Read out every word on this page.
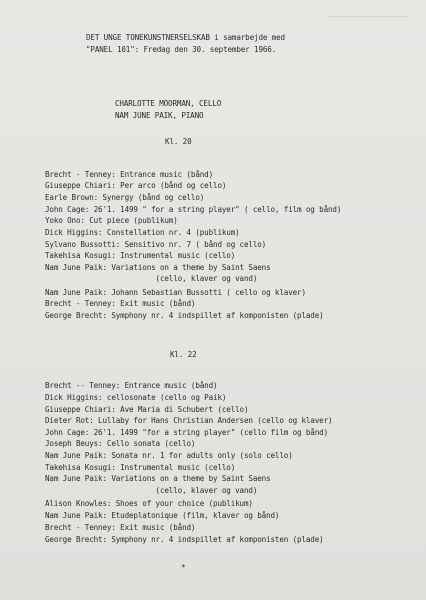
DET UNGE TONEKUNSTNERSELSKAB i samarbejde med
"PANEL 101": Fredag den 30. september 1966.
CHARLOTTE MOORMAN, CELLO
NAM JUNE PAIK, PIANO
Kl. 20
Brecht - Tenney: Entrance music (bånd)
Giuseppe Chiari: Per arco (bånd og cello)
Earle Brown: Synergy (bånd og cello)
John Cage: 26'1. 1499 " for a string player" ( cello, film og bånd)
Yoko Ono: Cut piece (publikum)
Dick Higgins: Constellation nr. 4 (publikum)
Sylvano Bussotti: Sensitivo nr. 7 ( bånd og cello)
Takehisa Kosugi: Instrumental music (cello)
Nam June Paik: Variations on a theme by Saint Saens
(cello, klaver og vand)
Nam June Paik: Johann Sebastian Bussotti ( cello og klaver)
Brecht - Tenney: Exit music (bånd)
George Brecht: Symphony nr. 4 indspillet af komponisten (plade)
Kl. 22
Brecht -- Tenney: Entrance music (bånd)
Dick Higgins: cellosonate (cello og Paik)
Giuseppe Chiari: Ave Maria di Schubert (cello)
Dieter Rot: Lullaby for Hans Christian Andersen (cello og klaver)
John Cage: 26'1. 1499 "for a string player" (cello film og bånd)
Joseph Beuys: Cello sonata (cello)
Nam June Paik: Sonata nr. 1 for adults only (solo cello)
Takehisa Kosugi: Instrumental music (cello)
Nam June Paik: Variations on a theme by Saint Saens
(cello, klaver og vand)
Alison Knowles: Shoes of your choice (publikum)
Nam June Paik: Etudeplatonique (film, klaver og bånd)
Brecht - Tenney: Exit music (bånd)
George Brecht: Symphony nr. 4 indspillet af komponisten (plade)
*
